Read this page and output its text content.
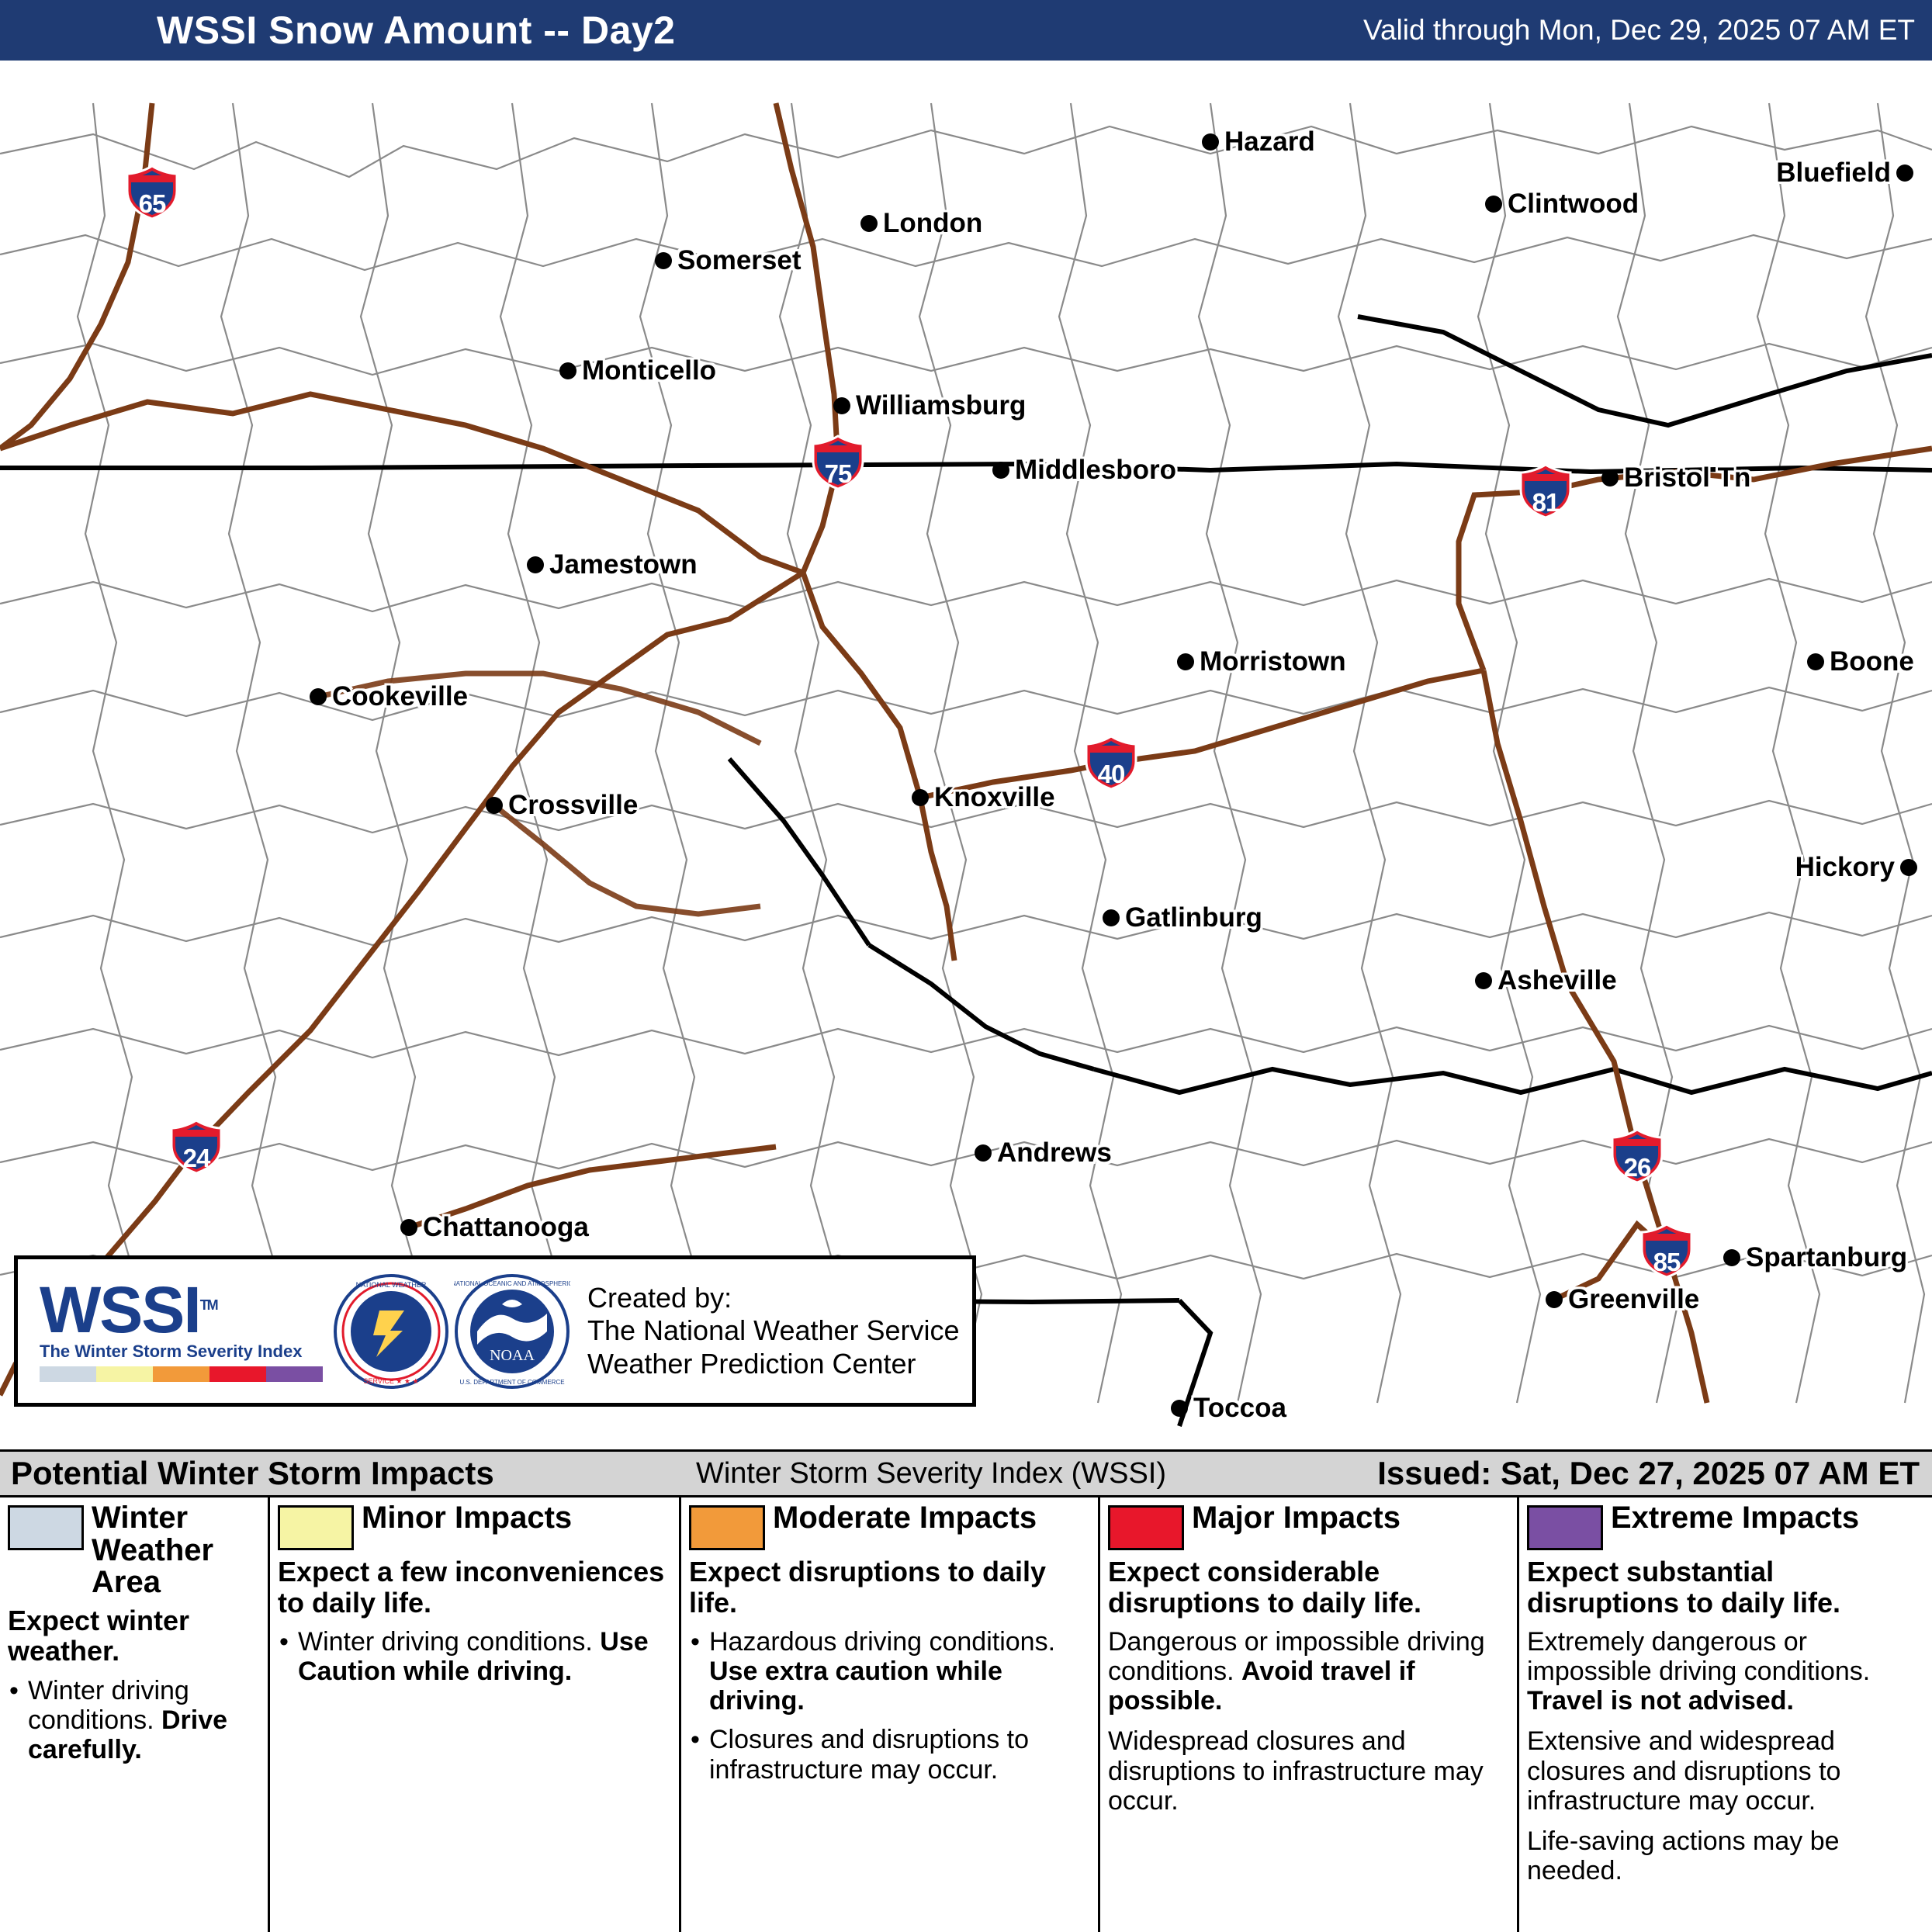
WSSI Snow Amount -- Day2	Valid through Mon, Dec 29, 2025 07 AM ET
Hazard
Bluefield
Clintwood
London
Somerset
Monticello
Williamsburg
Middlesboro	Bristol Tn
Jamestown
Boone
Morristown
Cookeville
Crossville	Knoxville
Hickory
Gatlinburg
Asheville
Andrews
Spartanburg
Chattanooga
Greenville
Toccoa
65
75
81
40
24	26
85
WSSI™
The Winter Storm Severity Index
NATIONAL WEATHER
SERVICE ★ ★ ★
NOAA
NATIONAL OCEANIC AND ATMOSPHERIC
U.S. DEPARTMENT OF COMMERCE
Created by:
The National Weather Service
Weather Prediction Center
Potential Winter Storm Impacts	Winter Storm Severity Index (WSSI)	Issued: Sat, Dec 27, 2025 07 AM ET
Winter Weather Area
Expect winter weather.
• Winter driving conditions. Drive carefully.
Minor Impacts
Expect a few inconveniences to daily life.
• Winter driving conditions. Use Caution while driving.
Moderate Impacts
Expect disruptions to daily life.
• Hazardous driving conditions. Use extra caution while driving.
• Closures and disruptions to infrastructure may occur.
Major Impacts
Expect considerable disruptions to daily life.

Dangerous or impossible driving conditions. Avoid travel if possible.

Widespread closures and disruptions to infrastructure may occur.

Extreme Impacts
Expect substantial disruptions to daily life.

Extremely dangerous or impossible driving conditions. Travel is not advised.

Extensive and widespread closures and disruptions to infrastructure may occur.

Life-saving actions may be needed.
